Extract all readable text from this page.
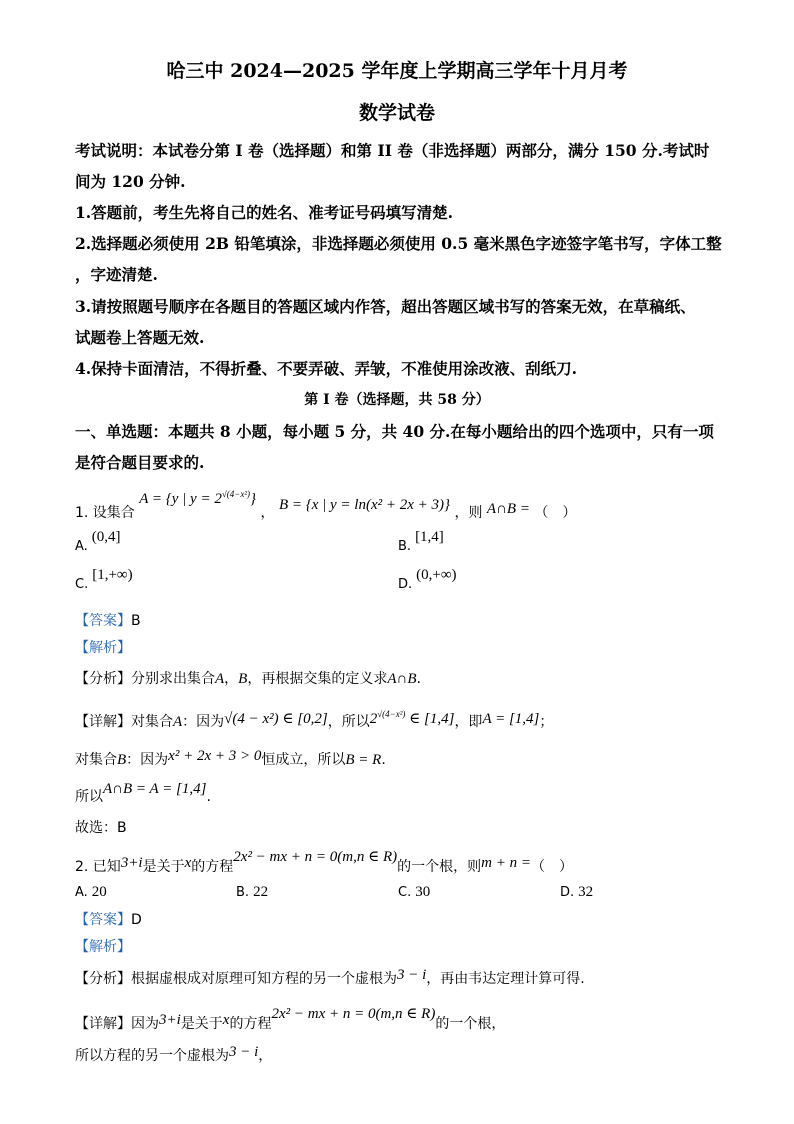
哈三中 2024—2025 学年度上学期高三学年十月月考
数学试卷
考试说明：本试卷分第 I 卷（选择题）和第 II 卷（非选择题）两部分，满分 150 分.考试时
间为 120 分钟.
1.答题前，考生先将自己的姓名、准考证号码填写清楚.
2.选择题必须使用 2B 铅笔填涂，非选择题必须使用 0.5 毫米黑色字迹签字笔书写，字体工整
，字迹清楚.
3.请按照题号顺序在各题目的答题区域内作答，超出答题区域书写的答案无效，在草稿纸、
试题卷上答题无效.
4.保持卡面清洁，不得折叠、不要弄破、弄皱，不准使用涂改液、刮纸刀.
第 I 卷（选择题，共 58 分）
一、单选题：本题共 8 小题，每小题 5 分，共 40 分.在每小题给出的四个选项中，只有一项
是符合题目要求的.
1. 设集合 A = {y | $y = 2^{√(4-x^2)}$} ， B = {x | y = ln(x² + 2x + 3)} ，则 A∩B = （　）
A.(0,4]
B.[1,4]
C.[1,+∞)
D.(0,+∞)
【答案】B
【解析】
【分析】分别求出集合A，B，再根据交集的定义求A∩B.
【详解】对集合A：因为√(4 − x²) ∈ [0,2]，所以$2^{√(4-x^2)}$ ∈ [1,4]，即A = [1,4]；
对集合B：因为x² + 2x + 3 > 0恒成立，所以B = R.
所以A∩B = A = [1,4].
故选：B
2. 已知3+i是关于x的方程2x² − mx + n = 0(m,n ∈ R)的一个根，则m + n =（　）
A. 20	B. 22	C. 30	D. 32
【答案】D
【解析】
【分析】根据虚根成对原理可知方程的另一个虚根为3 − i，再由韦达定理计算可得.
【详解】因为3+i是关于x的方程2x² − mx + n = 0(m,n ∈ R)的一个根，
所以方程的另一个虚根为3 − i，
